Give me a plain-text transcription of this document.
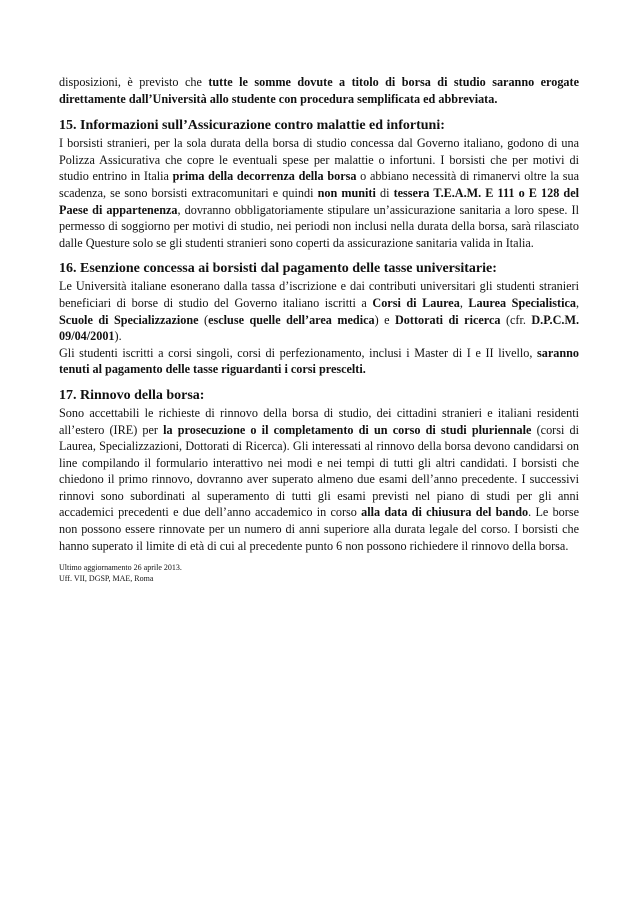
disposizioni, è previsto che tutte le somme dovute a titolo di borsa di studio saranno erogate direttamente dall’Università allo studente con procedura semplificata ed abbreviata.

15. Informazioni sull’Assicurazione contro malattie ed infortuni:

I borsisti stranieri, per la sola durata della borsa di studio concessa dal Governo italiano, godono di una Polizza Assicurativa che copre le eventuali spese per malattie o infortuni. I borsisti che per motivi di studio entrino in Italia prima della decorrenza della borsa o abbiano necessità di rimanervi oltre la sua scadenza, se sono borsisti extracomunitari e quindi non muniti di tessera T.E.A.M. E 111 o E 128 del Paese di appartenenza, dovranno obbligatoriamente stipulare un’assicurazione sanitaria a loro spese. Il permesso di soggiorno per motivi di studio, nei periodi non inclusi nella durata della borsa, sarà rilasciato dalle Questure solo se gli studenti stranieri sono coperti da assicurazione sanitaria valida in Italia.

16. Esenzione concessa ai borsisti dal pagamento delle tasse universitarie:

Le Università italiane esonerano dalla tassa d’iscrizione e dai contributi universitari gli studenti stranieri beneficiari di borse di studio del Governo italiano iscritti a Corsi di Laurea, Laurea Specialistica, Scuole di Specializzazione (escluse quelle dell’area medica) e Dottorati di ricerca (cfr. D.P.C.M. 09/04/2001).

Gli studenti iscritti a corsi singoli, corsi di perfezionamento, inclusi i Master di I e II livello, saranno tenuti al pagamento delle tasse riguardanti i corsi prescelti.

17. Rinnovo della borsa:

Sono accettabili le richieste di rinnovo della borsa di studio, dei cittadini stranieri e italiani residenti all’estero (IRE) per la prosecuzione o il completamento di un corso di studi pluriennale (corsi di Laurea, Specializzazioni, Dottorati di Ricerca). Gli interessati al rinnovo della borsa devono candidarsi on line compilando il formulario interattivo nei modi e nei tempi di tutti gli altri candidati. I borsisti che chiedono il primo rinnovo, dovranno aver superato almeno due esami dell’anno precedente. I successivi rinnovi sono subordinati al superamento di tutti gli esami previsti nel piano di studi per gli anni accademici precedenti e due dell’anno accademico in corso alla data di chiusura del bando. Le borse non possono essere rinnovate per un numero di anni superiore alla durata legale del corso. I borsisti che hanno superato il limite di età di cui al precedente punto 6 non possono richiedere il rinnovo della borsa.

Ultimo aggiornamento 26 aprile 2013.
Uff. VII, DGSP, MAE, Roma
